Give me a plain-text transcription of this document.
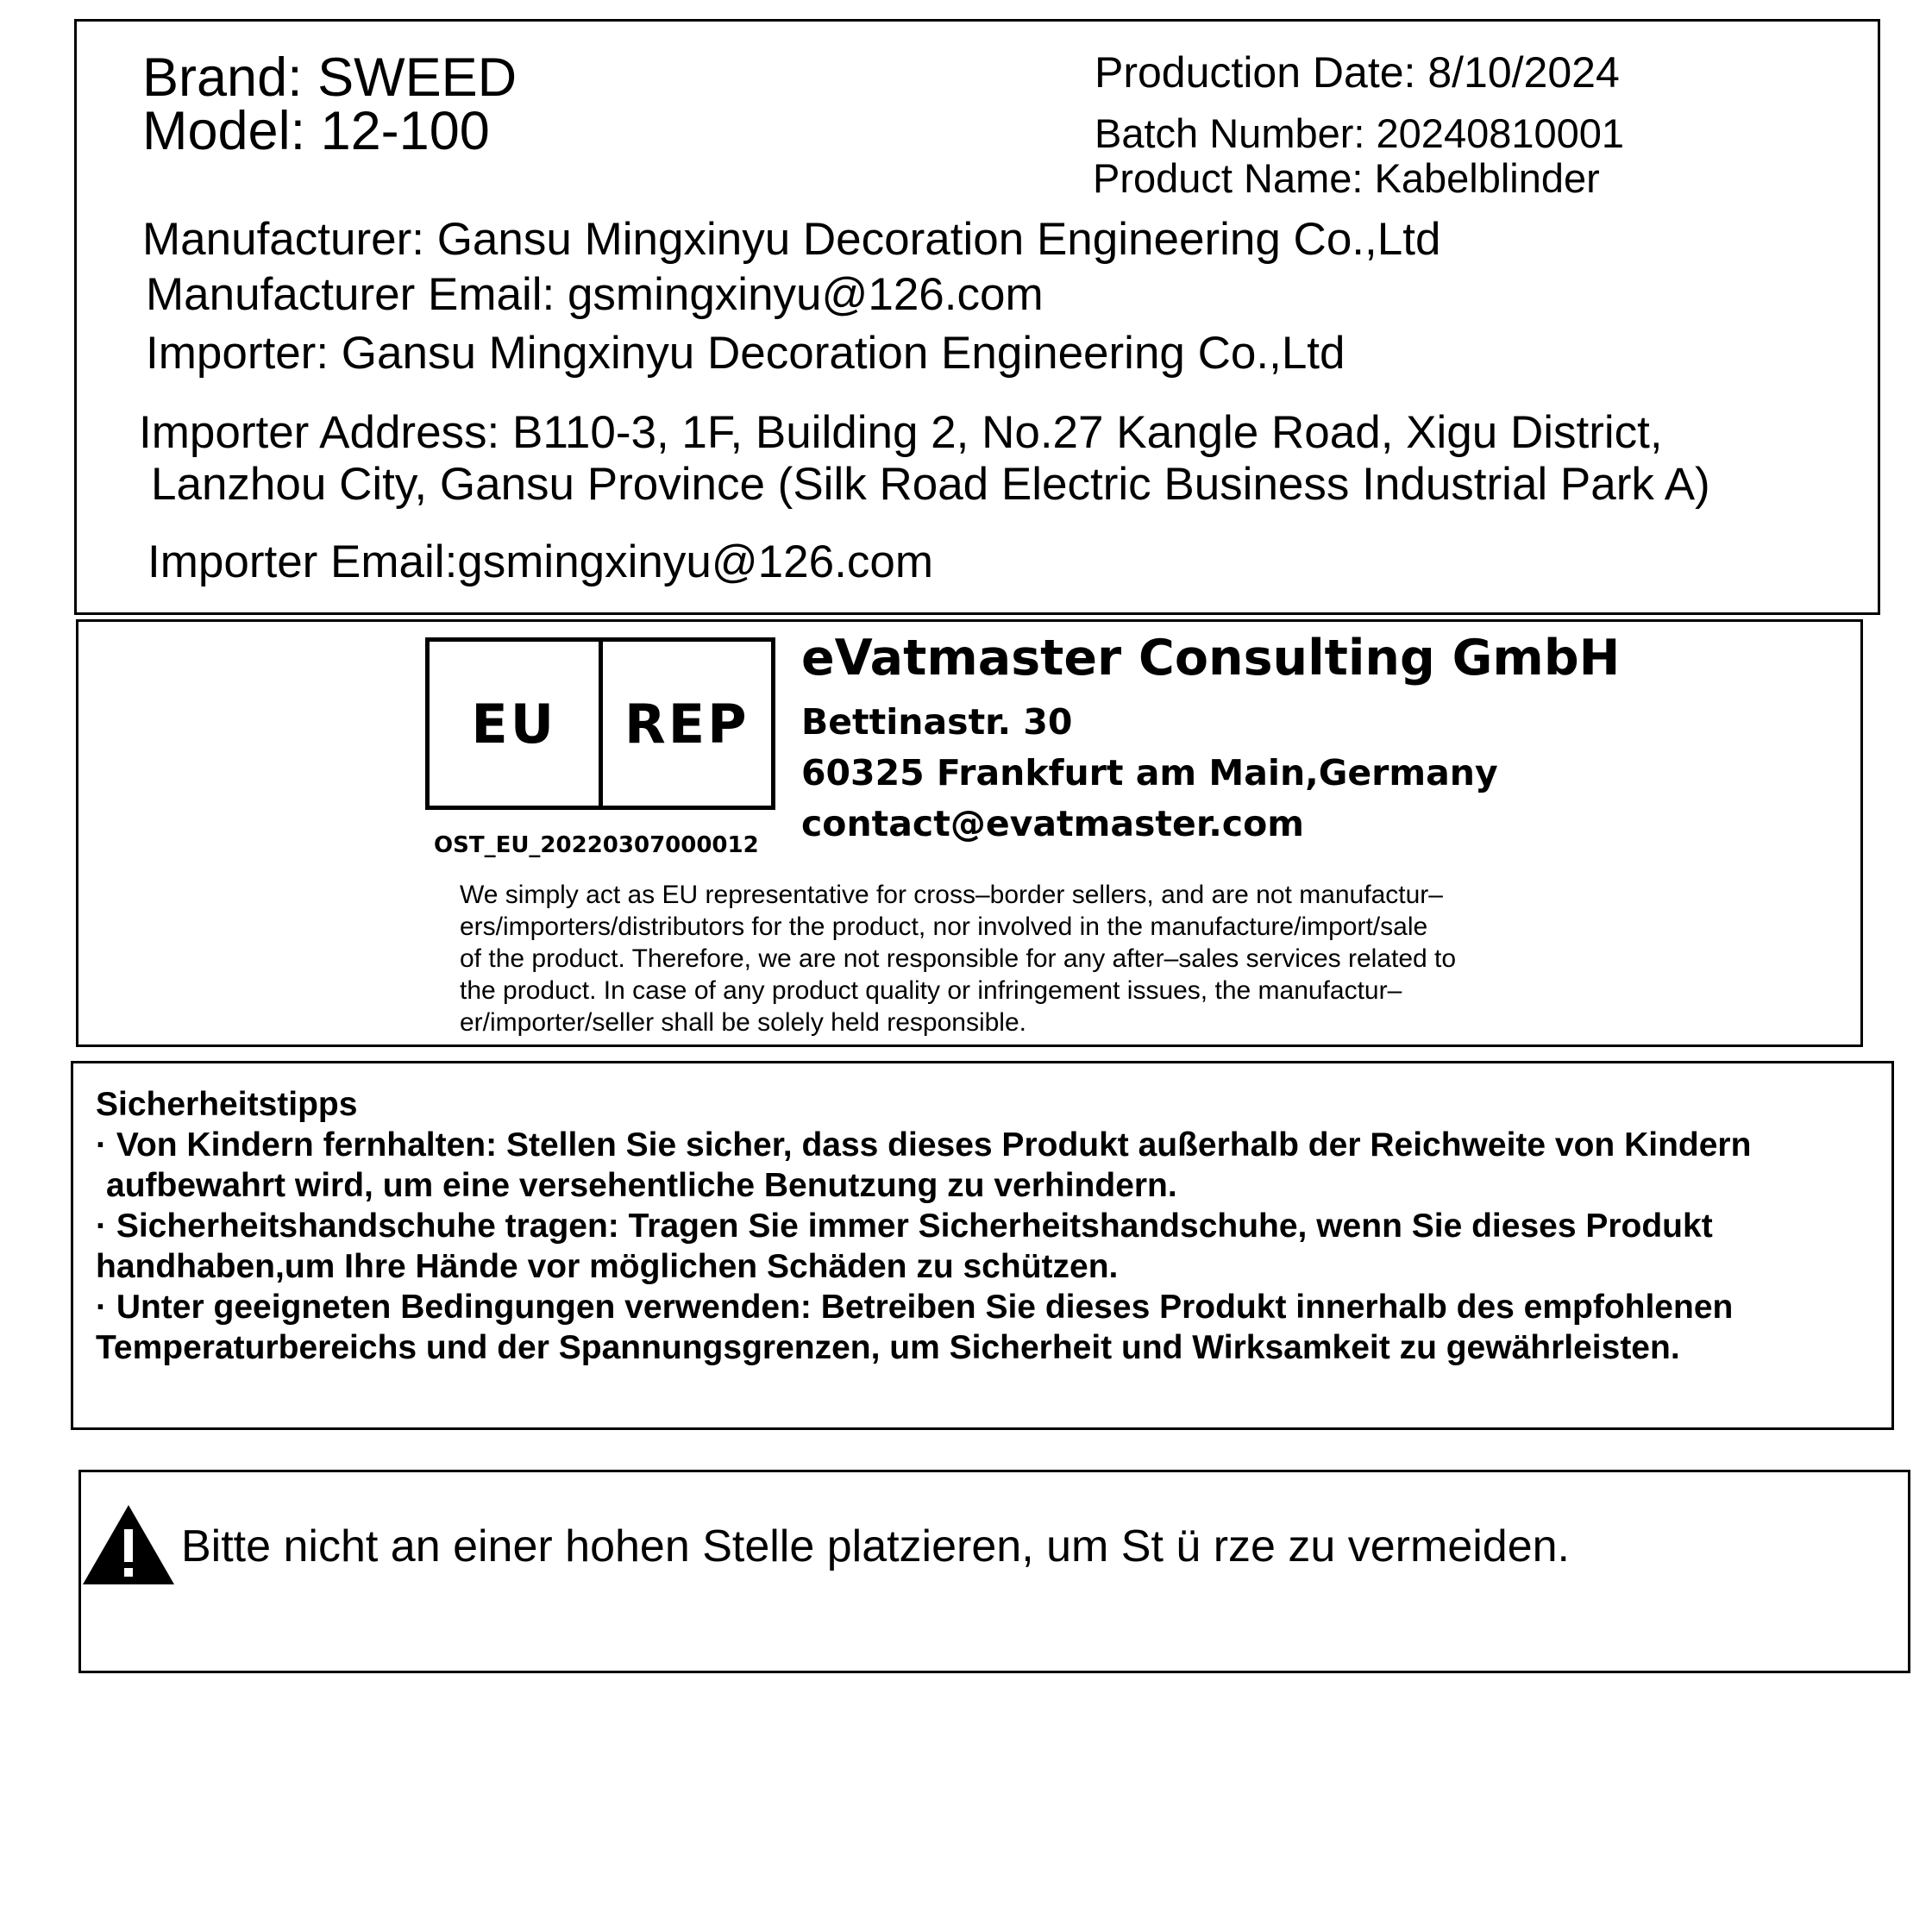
Brand: SWEED
Model: 12-100
Production Date: 8/10/2024
Batch Number: 20240810001
Product Name: Kabelblinder
Manufacturer: Gansu Mingxinyu Decoration Engineering Co.,Ltd
Manufacturer Email: gsmingxinyu@126.com
Importer: Gansu Mingxinyu Decoration Engineering Co.,Ltd
Importer Address: B110-3, 1F, Building 2, No.27 Kangle Road, Xigu District,
Lanzhou City, Gansu Province (Silk Road Electric Business Industrial Park A)
Importer Email:gsmingxinyu@126.com
EU	REP
OST_EU_20220307000012
eVatmaster Consulting GmbH
Bettinastr. 30
60325 Frankfurt am Main,Germany
contact@evatmaster.com
We simply act as EU representative for cross–border sellers, and are not manufactur–
ers/importers/distributors for the product, nor involved in the manufacture/import/sale
of the product. Therefore, we are not responsible for any after–sales services related to
the product. In case of any product quality or infringement issues, the manufactur–
er/importer/seller shall be solely held responsible.
Sicherheitstipps
· Von Kindern fernhalten: Stellen Sie sicher, dass dieses Produkt außerhalb der Reichweite von Kindern
aufbewahrt wird, um eine versehentliche Benutzung zu verhindern.
· Sicherheitshandschuhe tragen: Tragen Sie immer Sicherheitshandschuhe, wenn Sie dieses Produkt
handhaben,um Ihre Hände vor möglichen Schäden zu schützen.
· Unter geeigneten Bedingungen verwenden: Betreiben Sie dieses Produkt innerhalb des empfohlenen
Temperaturbereichs und der Spannungsgrenzen, um Sicherheit und Wirksamkeit zu gewährleisten.
Bitte nicht an einer hohen Stelle platzieren, um St ü rze zu vermeiden.
